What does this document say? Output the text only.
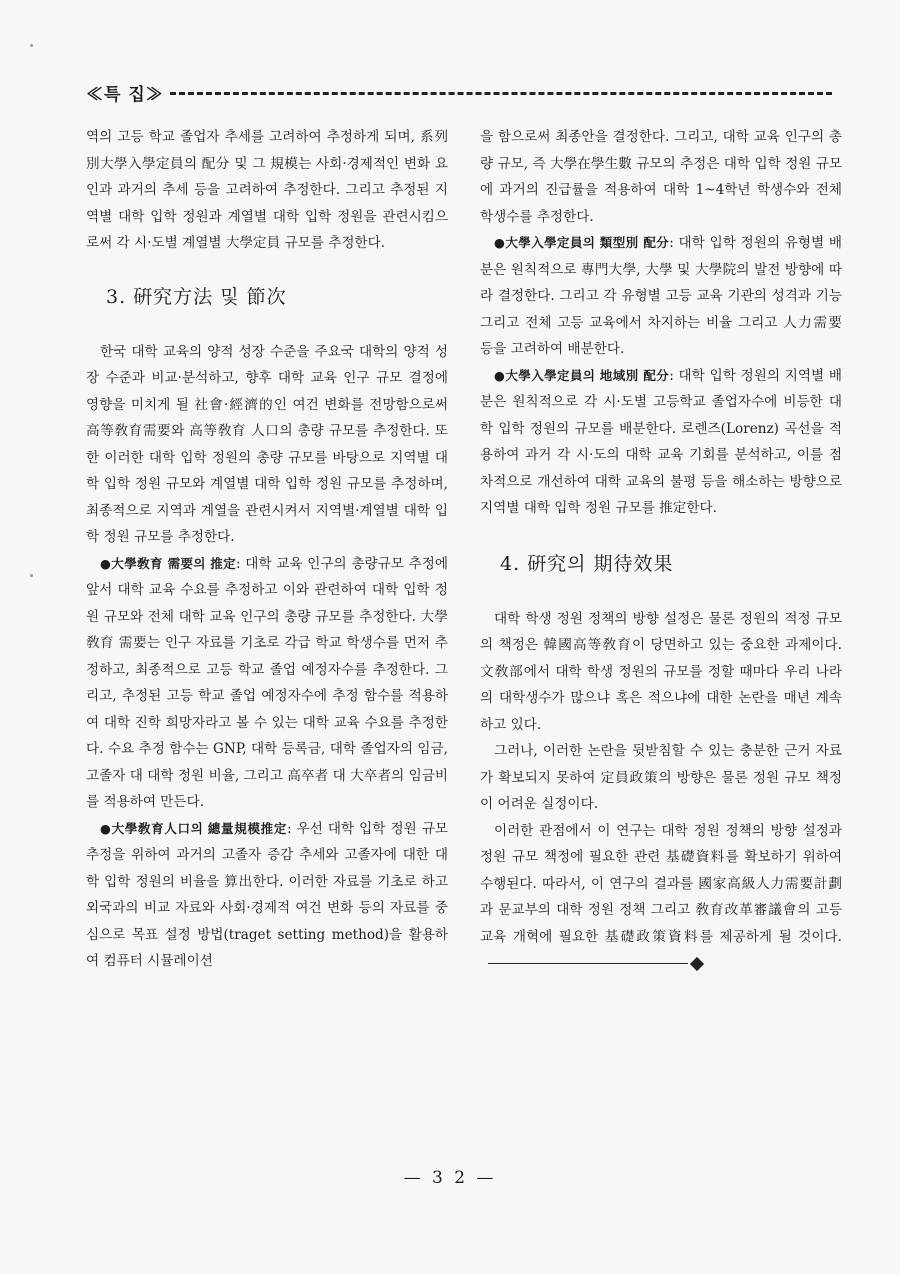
≪특 집≫

역의 고등 학교 졸업자 추세를 고려하여 추정하게 되며, 系列別大學入學定員의 配分 및 그 規模는 사회·경제적인 변화 요인과 과거의 추세 등을 고려하여 추정한다. 그리고 추정된 지역별 대학 입학 정원과 계열별 대학 입학 정원을 관련시킴으로써 각 시·도별 계열별 大學定員 규모를 추정한다.

3. 硏究方法 및 節次

한국 대학 교육의 양적 성장 수준을 주요국 대학의 양적 성장 수준과 비교·분석하고, 향후 대학 교육 인구 규모 결정에 영향을 미치게 될 社會·經濟的인 여건 변화를 전망함으로써 高等敎育需要와 高等敎育 人口의 총량 규모를 추정한다. 또한 이러한 대학 입학 정원의 총량 규모를 바탕으로 지역별 대학 입학 정원 규모와 계열별 대학 입학 정원 규모를 추정하며, 최종적으로 지역과 계열을 관련시켜서 지역별·계열별 대학 입학 정원 규모를 추정한다.

●大學敎育 需要의 推定: 대학 교육 인구의 총량규모 추정에 앞서 대학 교육 수요를 추정하고 이와 관련하여 대학 입학 정원 규모와 전체 대학 교육 인구의 총량 규모를 추정한다. 大學敎育 需要는 인구 자료를 기초로 각급 학교 학생수를 먼저 추정하고, 최종적으로 고등 학교 졸업 예정자수를 추정한다. 그리고, 추정된 고등 학교 졸업 예정자수에 추정 함수를 적용하여 대학 진학 희망자라고 볼 수 있는 대학 교육 수요를 추정한다. 수요 추정 함수는 GNP, 대학 등록금, 대학 졸업자의 임금, 고졸자 대 대학 정원 비율, 그리고 高卒者 대 大卒者의 임금비를 적용하여 만든다.

●大學敎育人口의 總量規模推定: 우선 대학 입학 정원 규모 추정을 위하여 과거의 고졸자 증감 추세와 고졸자에 대한 대학 입학 정원의 비율을 算出한다. 이러한 자료를 기초로 하고 외국과의 비교 자료와 사회·경제적 여건 변화 등의 자료를 중심으로 목표 설정 방법(traget setting method)을 활용하여 컴퓨터 시뮬레이션

을 함으로써 최종안을 결정한다. 그리고, 대학 교육 인구의 총량 규모, 즉 大學在學生數 규모의 추정은 대학 입학 정원 규모에 과거의 진급률을 적용하여 대학 1~4학년 학생수와 전체 학생수를 추정한다.

●大學入學定員의 類型別 配分: 대학 입학 정원의 유형별 배분은 원칙적으로 專門大學, 大學 및 大學院의 발전 방향에 따라 결정한다. 그리고 각 유형별 고등 교육 기관의 성격과 기능 그리고 전체 고등 교육에서 차지하는 비율 그리고 人力需要 등을 고려하여 배분한다.

●大學入學定員의 地域別 配分: 대학 입학 정원의 지역별 배분은 원칙적으로 각 시·도별 고등학교 졸업자수에 비등한 대학 입학 정원의 규모를 배분한다. 로렌즈(Lorenz) 곡선을 적용하여 과거 각 시·도의 대학 교육 기회를 분석하고, 이를 점차적으로 개선하여 대학 교육의 불평 등을 해소하는 방향으로 지역별 대학 입학 정원 규모를 推定한다.

4. 硏究의 期待效果

대학 학생 정원 정책의 방향 설정은 물론 정원의 적정 규모의 책정은 韓國高等敎育이 당면하고 있는 중요한 과제이다. 文敎部에서 대학 학생 정원의 규모를 정할 때마다 우리 나라의 대학생수가 많으냐 혹은 적으냐에 대한 논란을 매년 계속하고 있다.

그러나, 이러한 논란을 뒷받침할 수 있는 충분한 근거 자료가 확보되지 못하여 定員政策의 방향은 물론 정원 규모 책정이 어려운 실정이다.

이러한 관점에서 이 연구는 대학 정원 정책의 방향 설정과 정원 규모 책정에 필요한 관련 基礎資料를 확보하기 위하여 수행된다. 따라서, 이 연구의 결과를 國家高級人力需要計劃과 문교부의 대학 정원 정책 그리고 敎育改革審議會의 고등 교육 개혁에 필요한 基礎政策資料를 제공하게 될 것이다.

— 3 2 —
